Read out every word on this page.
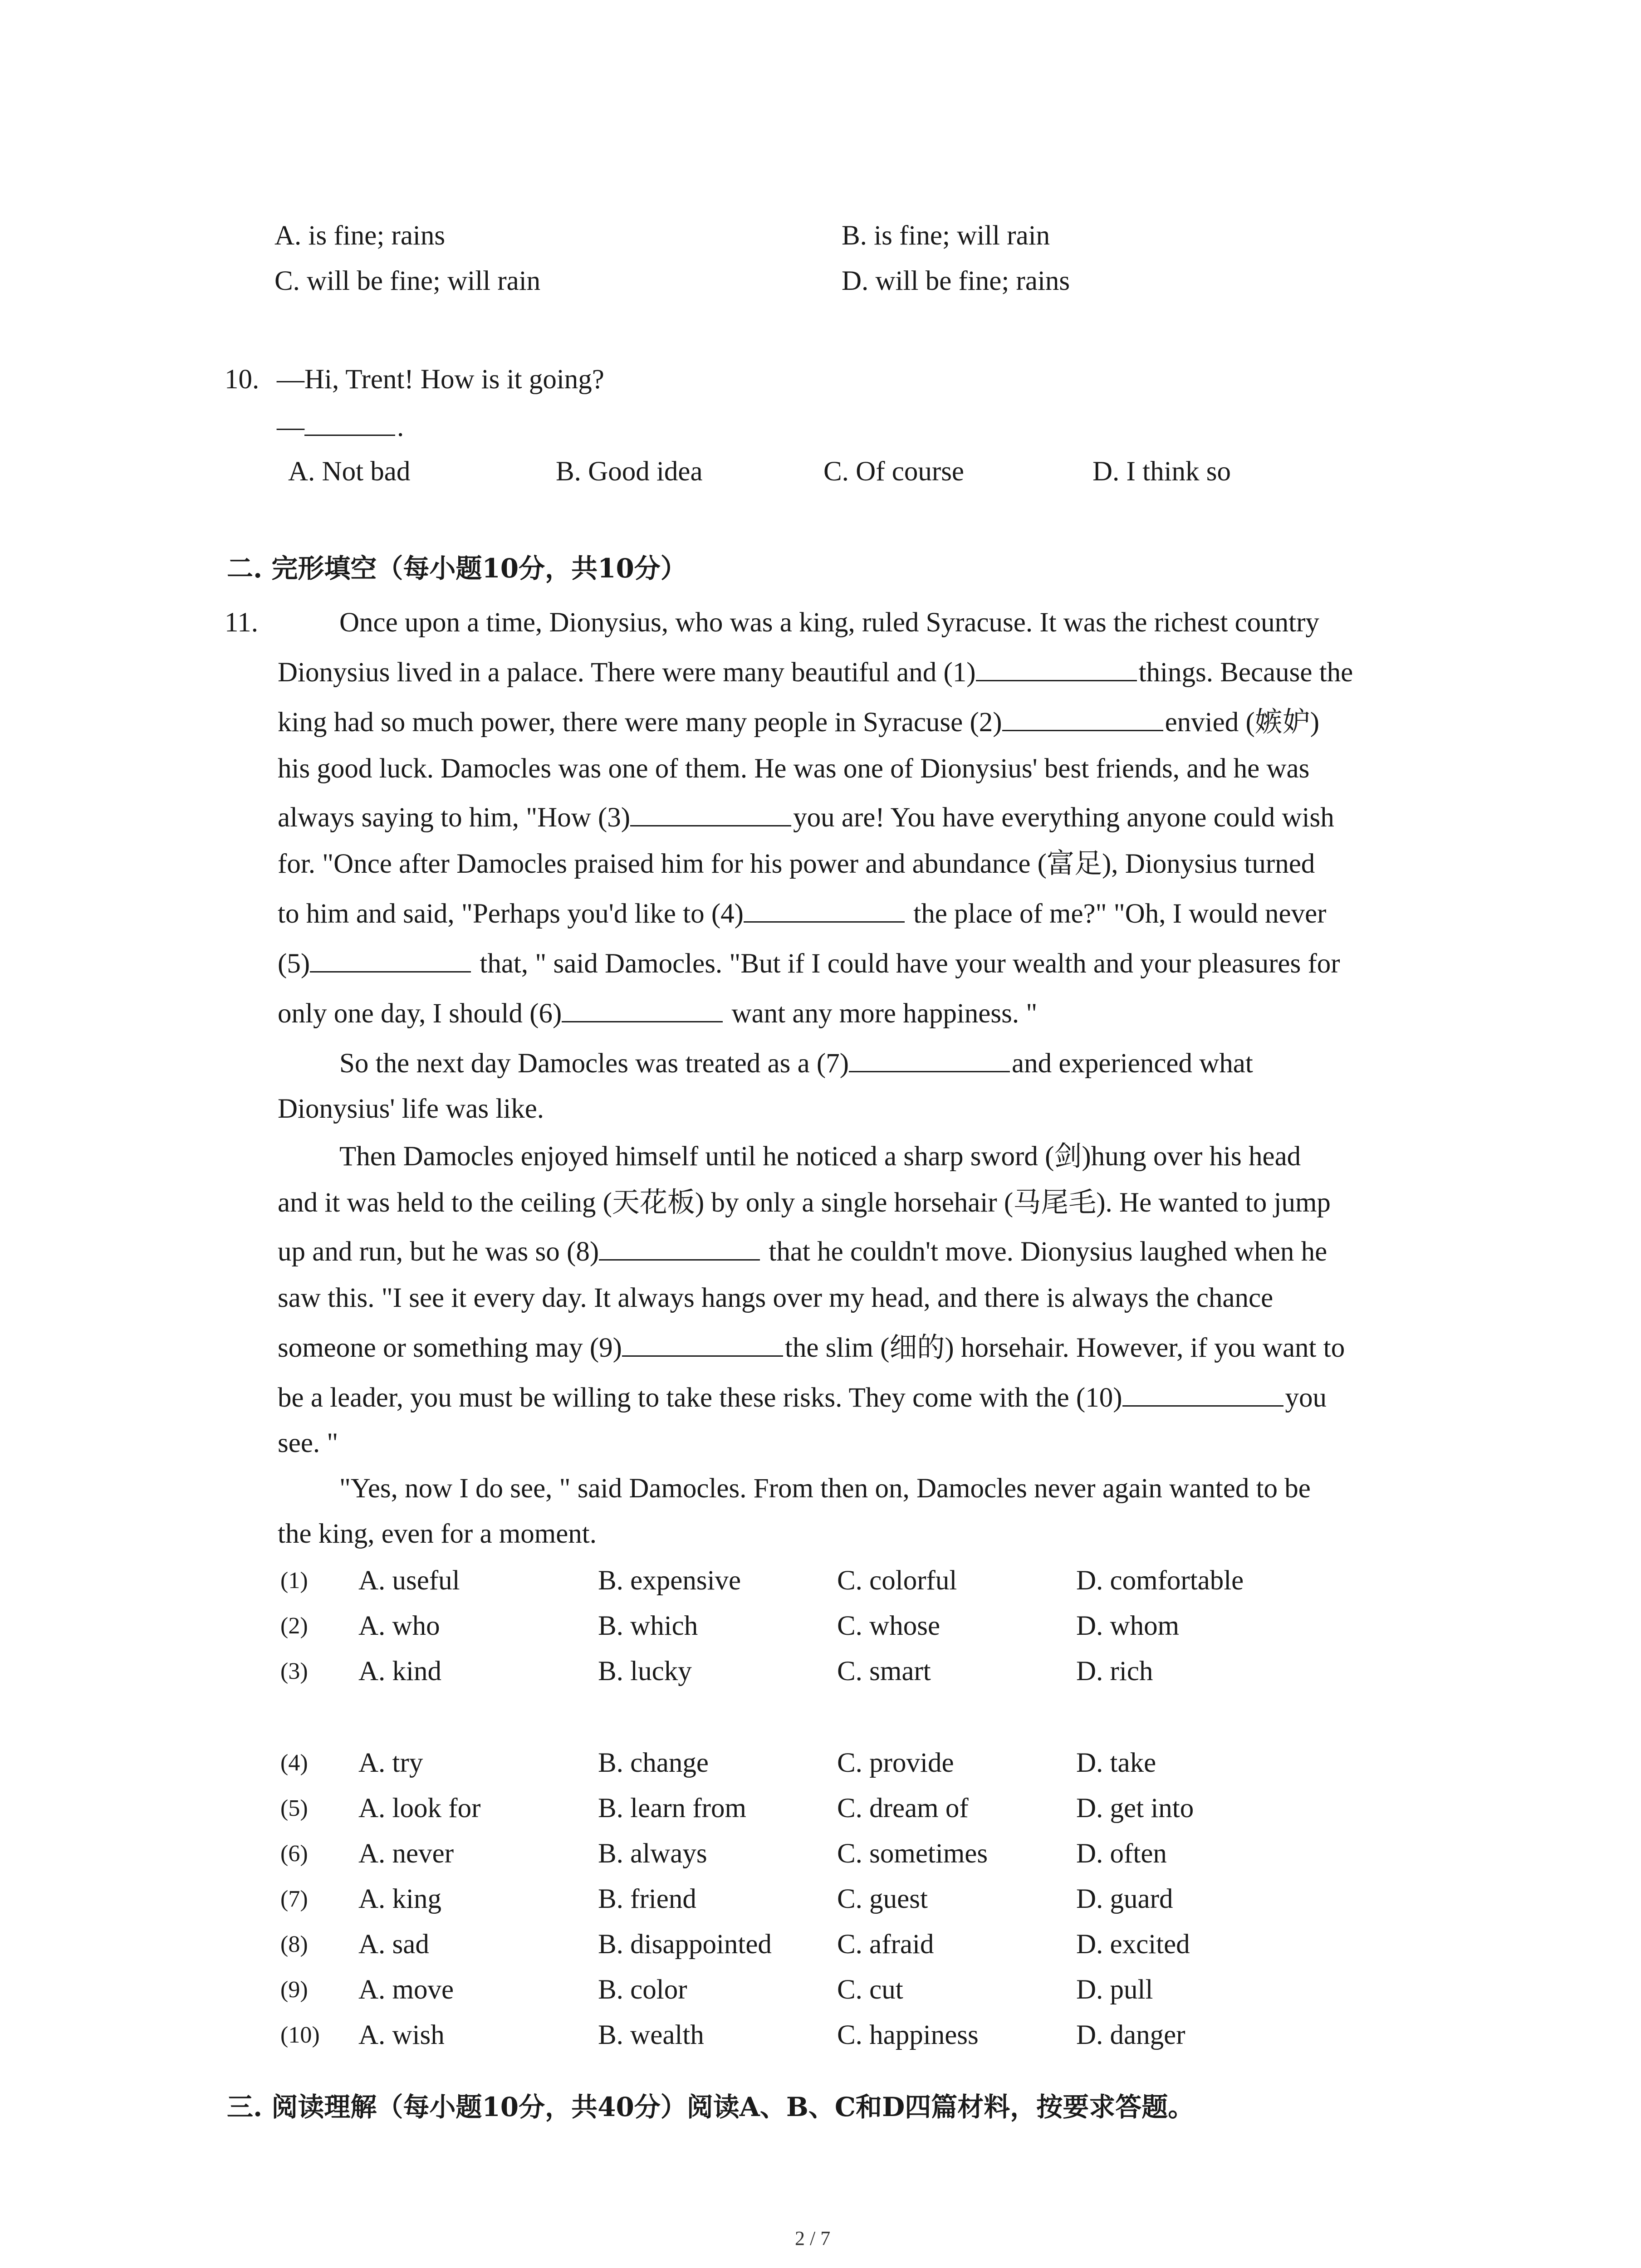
A. is fine; rains	B. is fine; will rain
C. will be fine; will rain	D. will be fine; rains
10. —Hi, Trent! How is it going?
—	.
A. Not bad	B. Good idea	C. Of course	D. I think so
二. 完形填空（每小题10分，共10分）
11.	Once upon a time, Dionysius, who was a king, ruled Syracuse. It was the richest country
Dionysius lived in a palace. There were many beautiful and (1)	things. Because the
king had so much power, there were many people in Syracuse (2)	envied (嫉妒)
his good luck. Damocles was one of them. He was one of Dionysius' best friends, and he was
always saying to him, "How (3)	you are! You have everything anyone could wish
for. "Once after Damocles praised him for his power and abundance (富足), Dionysius turned
to him and said, "Perhaps you'd like to (4)	the place of me?" "Oh, I would never
(5)	that, " said Damocles. "But if I could have your wealth and your pleasures for
only one day, I should (6)	want any more happiness. "
So the next day Damocles was treated as a (7)	and experienced what
Dionysius' life was like.
Then Damocles enjoyed himself until he noticed a sharp sword (剑)hung over his head
and it was held to the ceiling (天花板) by only a single horsehair (马尾毛). He wanted to jump
up and run, but he was so (8)	that he couldn't move. Dionysius laughed when he
saw this. "I see it every day. It always hangs over my head, and there is always the chance
someone or something may (9)	the slim (细的) horsehair. However, if you want to
be a leader, you must be willing to take these risks. They come with the (10)	you
see. "
"Yes, now I do see, " said Damocles. From then on, Damocles never again wanted to be
the king, even for a moment.
(1) A. useful	B. expensive	C. colorful	D. comfortable
(2) A. who	B. which	C. whose	D. whom
(3) A. kind	B. lucky	C. smart	D. rich
(4) A. try	B. change	C. provide	D. take
(5) A. look for	B. learn from	C. dream of	D. get into
(6) A. never	B. always	C. sometimes	D. often
(7) A. king	B. friend	C. guest	D. guard
(8) A. sad	B. disappointed C. afraid	D. excited
(9) A. move	B. color	C. cut	D. pull
(10) A. wish	B. wealth	C. happiness	D. danger
三. 阅读理解（每小题10分，共40分）阅读A、B、C和D四篇材料，按要求答题。
2 / 7
